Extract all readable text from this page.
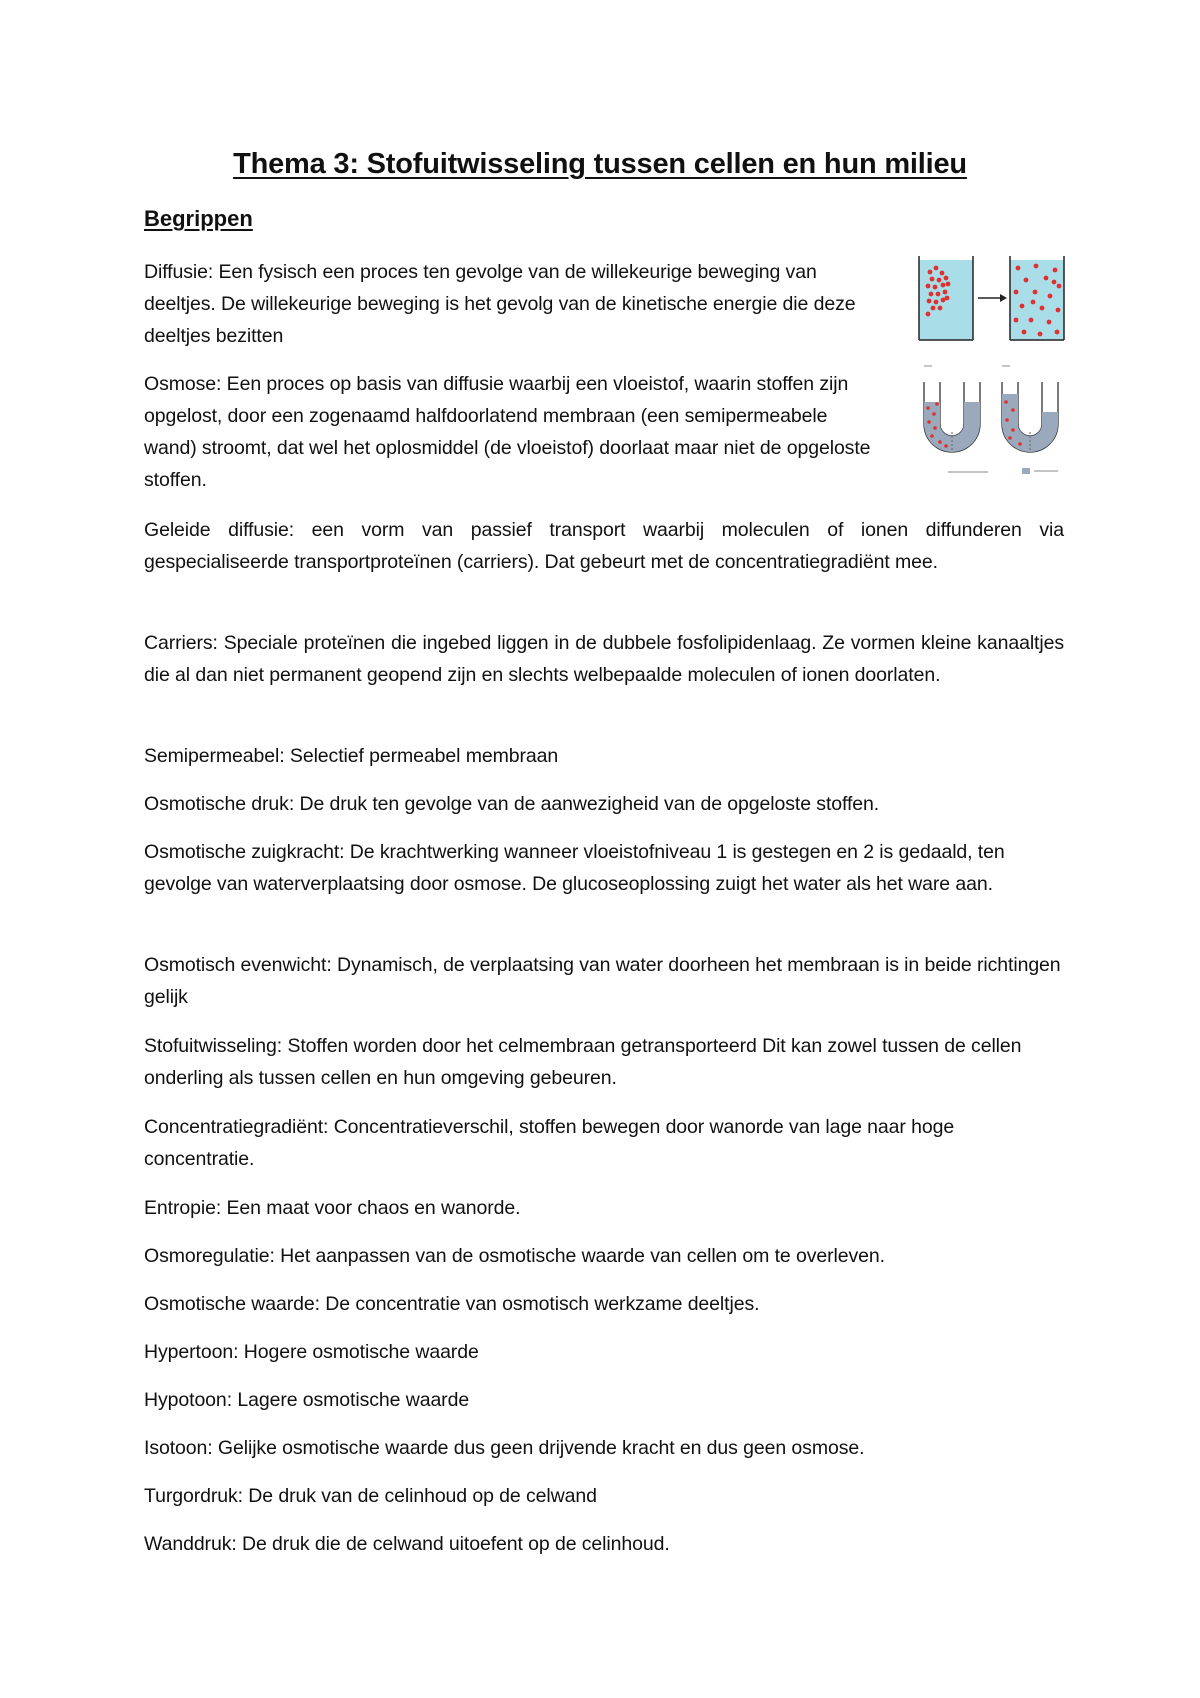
Thema 3: Stofuitwisseling tussen cellen en hun milieu
Begrippen

Diffusie : Een fysisch een proces ten gevolge van de willekeurige beweging van deeltjes. De willekeurige beweging is het gevolg van de kinetische energie die deze deeltjes bezitten

Osmose : Een proces op basis van diffusie waarbij een vloeistof, waarin stoffen zijn opgelost, door een zogenaamd halfdoorlatend membraan (een semipermeabele wand) stroomt, dat wel het oplosmiddel (de vloeistof) doorlaat maar niet de opgeloste stoffen.

Geleide diffusie : een vorm van passief transport waarbij moleculen of ionen diffunderen via gespecialiseerde transportproteïnen (carriers). Dat gebeurt met de concentratiegradiënt mee.

Carriers : Speciale proteïnen die ingebed liggen in de dubbele fosfolipidenlaag. Ze vormen kleine kanaaltjes die al dan niet permanent geopend zijn en slechts welbepaalde moleculen of ionen doorlaten.

Semipermeabel : Selectief permeabel membraan

Osmotische druk : De druk ten gevolge van de aanwezigheid van de opgeloste stoffen.

Osmotische zuigkracht : De krachtwerking wanneer vloeistofniveau 1 is gestegen en 2 is gedaald, ten gevolge van waterverplaatsing door osmose. De glucoseoplossing zuigt het water als het ware aan.

Osmotisch evenwicht : Dynamisch, de verplaatsing van water doorheen het membraan is in beide richtingen gelijk

Stofuitwisseling : Stoffen worden door het celmembraan getransporteerd Dit kan zowel tussen de cellen onderling als tussen cellen en hun omgeving gebeuren.

Concentratiegradiënt : Concentratieverschil, stoffen bewegen door wanorde van lage naar hoge concentratie.

Entropie : Een maat voor chaos en wanorde.

Osmoregulatie : Het aanpassen van de osmotische waarde van cellen om te overleven.

Osmotische waarde : De concentratie van osmotisch werkzame deeltjes.

Hypertoon : Hogere osmotische waarde

Hypotoon : Lagere osmotische waarde

Isotoon : Gelijke osmotische waarde dus geen drijvende kracht en dus geen osmose.

Turgordruk : De druk van de celinhoud op de celwand

Wanddruk : De druk die de celwand uitoefent op de celinhoud.
